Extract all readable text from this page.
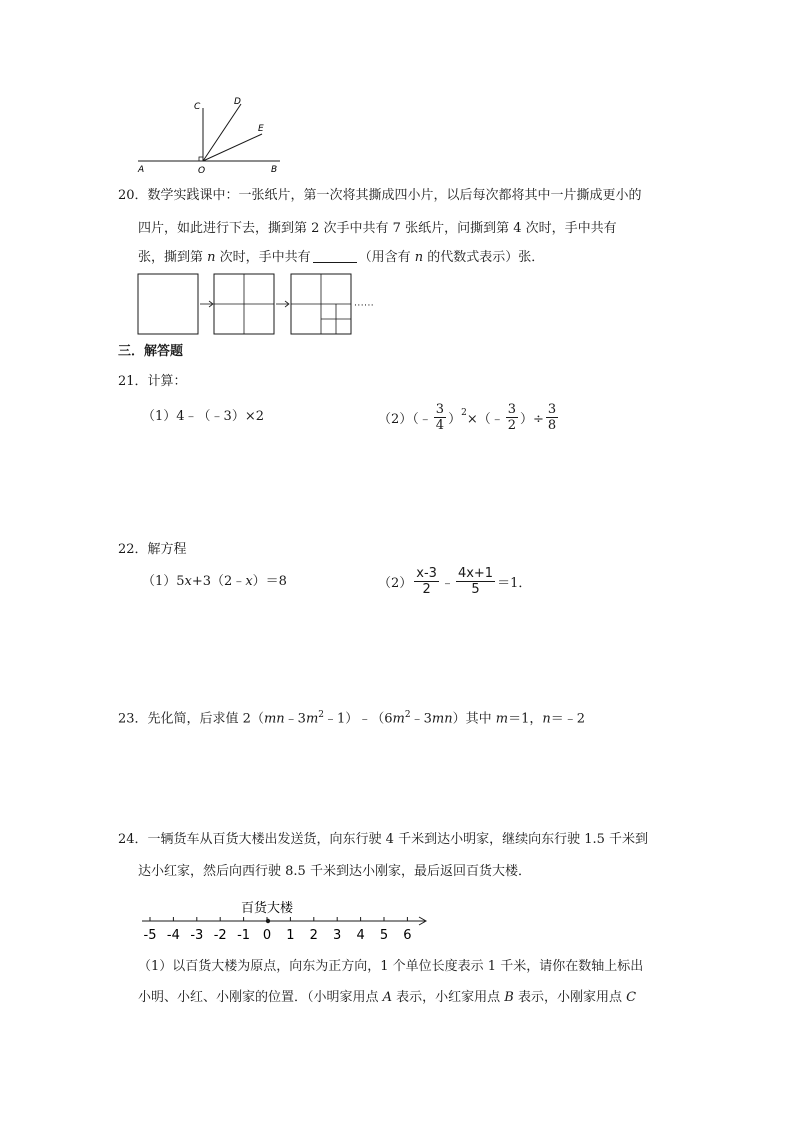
C	D
E
A	O	B
20．数学实践课中：一张纸片，第一次将其撕成四小片，以后每次都将其中一片撕成更小的
四片，如此进行下去，撕到第 2 次手中共有 7 张纸片，问撕到第 4 次时，手中共有
张，撕到第 n 次时，手中共有	（用含有 n 的代数式表示）张．
······
三．解答题
21．计算：
（1）4﹣（﹣3）×2	（2）（﹣ $\frac{3}{4}$ ） 2 ×（﹣ $\frac{3}{2}$ ）÷ $\frac{3}{8}$
22．解方程
（1）5x+3（2﹣x）＝8	$(2) \frac{x-3}{2}$ ﹣ $\frac{4x+1}{5} =1$．
23．先化简，后求值 $2(mn﹣3m^2﹣1)﹣(6m^2﹣3mn)$其中 m＝1，n＝﹣2
24．一辆货车从百货大楼出发送货，向东行驶 4 千米到达小明家，继续向东行驶 1.5 千米到
达小红家，然后向西行驶 8.5 千米到达小刚家，最后返回百货大楼．
百货大楼
-5 -4 -3 -2 -1 0 1 2 3 4 5 6
（1）以百货大楼为原点，向东为正方向，1 个单位长度表示 1 千米，请你在数轴上标出
小明、小红、小刚家的位置．（小明家用点 A 表示，小红家用点 B 表示，小刚家用点 C
